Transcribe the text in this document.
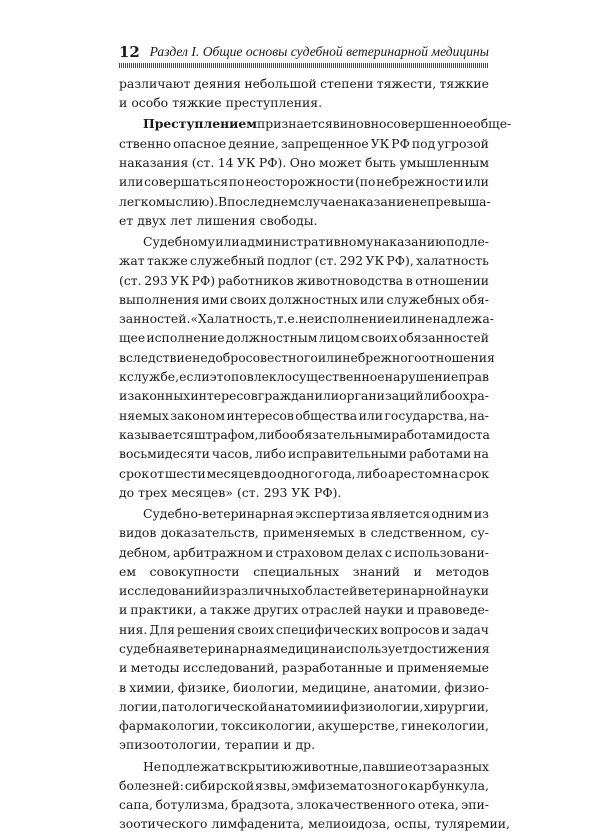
12 Раздел I. Общие основы судебной ветеринарной медицины
различают деяния небольшой степени тяжести, тяжкие
и особо тяжкие преступления.
Преступлением признается виновно совершенное обще-
ственно опасное деяние, запрещенное УК РФ под угрозой
наказания (ст. 14 УК РФ). Оно может быть умышленным
или совершаться по неосторожности (по небрежности или
легкомыслию). В последнем случае наказание не превыша-
ет двух лет лишения свободы.
Судебному или административному наказанию подле-
жат также служебный подлог (ст. 292 УК РФ), халатность
(ст. 293 УК РФ) работников животноводства в отношении
выполнения ими своих должностных или служебных обя-
занностей. «Халатность, т. е. неисполнение или ненадлежа-
щее исполнение должностным лицом своих обязанностей
вследствие недобросовестного или небрежного отношения
к службе, если это повлекло существенное нарушение прав
и законных интересов граждан или организаций либо охра-
няемых законом интересов общества или государства, на-
казывается штрафом, либо обязательными работами до ста
восьмидесяти часов, либо исправительными работами на
срок от шести месяцев до одного года, либо арестом на срок
до трех месяцев» (ст. 293 УК РФ).
Судебно-ветеринарная экспертиза является одним из
видов доказательств, применяемых в следственном, су-
дебном, арбитражном и страховом делах с использовани-
ем совокупности специальных знаний и методов
исследований из различных областей ветеринарной науки
и практики, а также других отраслей науки и правоведе-
ния. Для решения своих специфических вопросов и задач
судебная ветеринарная медицина использует достижения
и методы исследований, разработанные и применяемые
в химии, физике, биологии, медицине, анатомии, физио-
логии, патологической анатомии и физиологии, хирургии,
фармакологии, токсикологии, акушерстве, гинекологии,
эпизоотологии, терапии и др.
Не подлежат вскрытию животные, павшие от заразных
болезней: сибирской язвы, эмфизематозного карбункула,
сапа, ботулизма, брадзота, злокачественного отека, эпи-
зоотического лимфаденита, мелиоидоза, оспы, туляремии,
